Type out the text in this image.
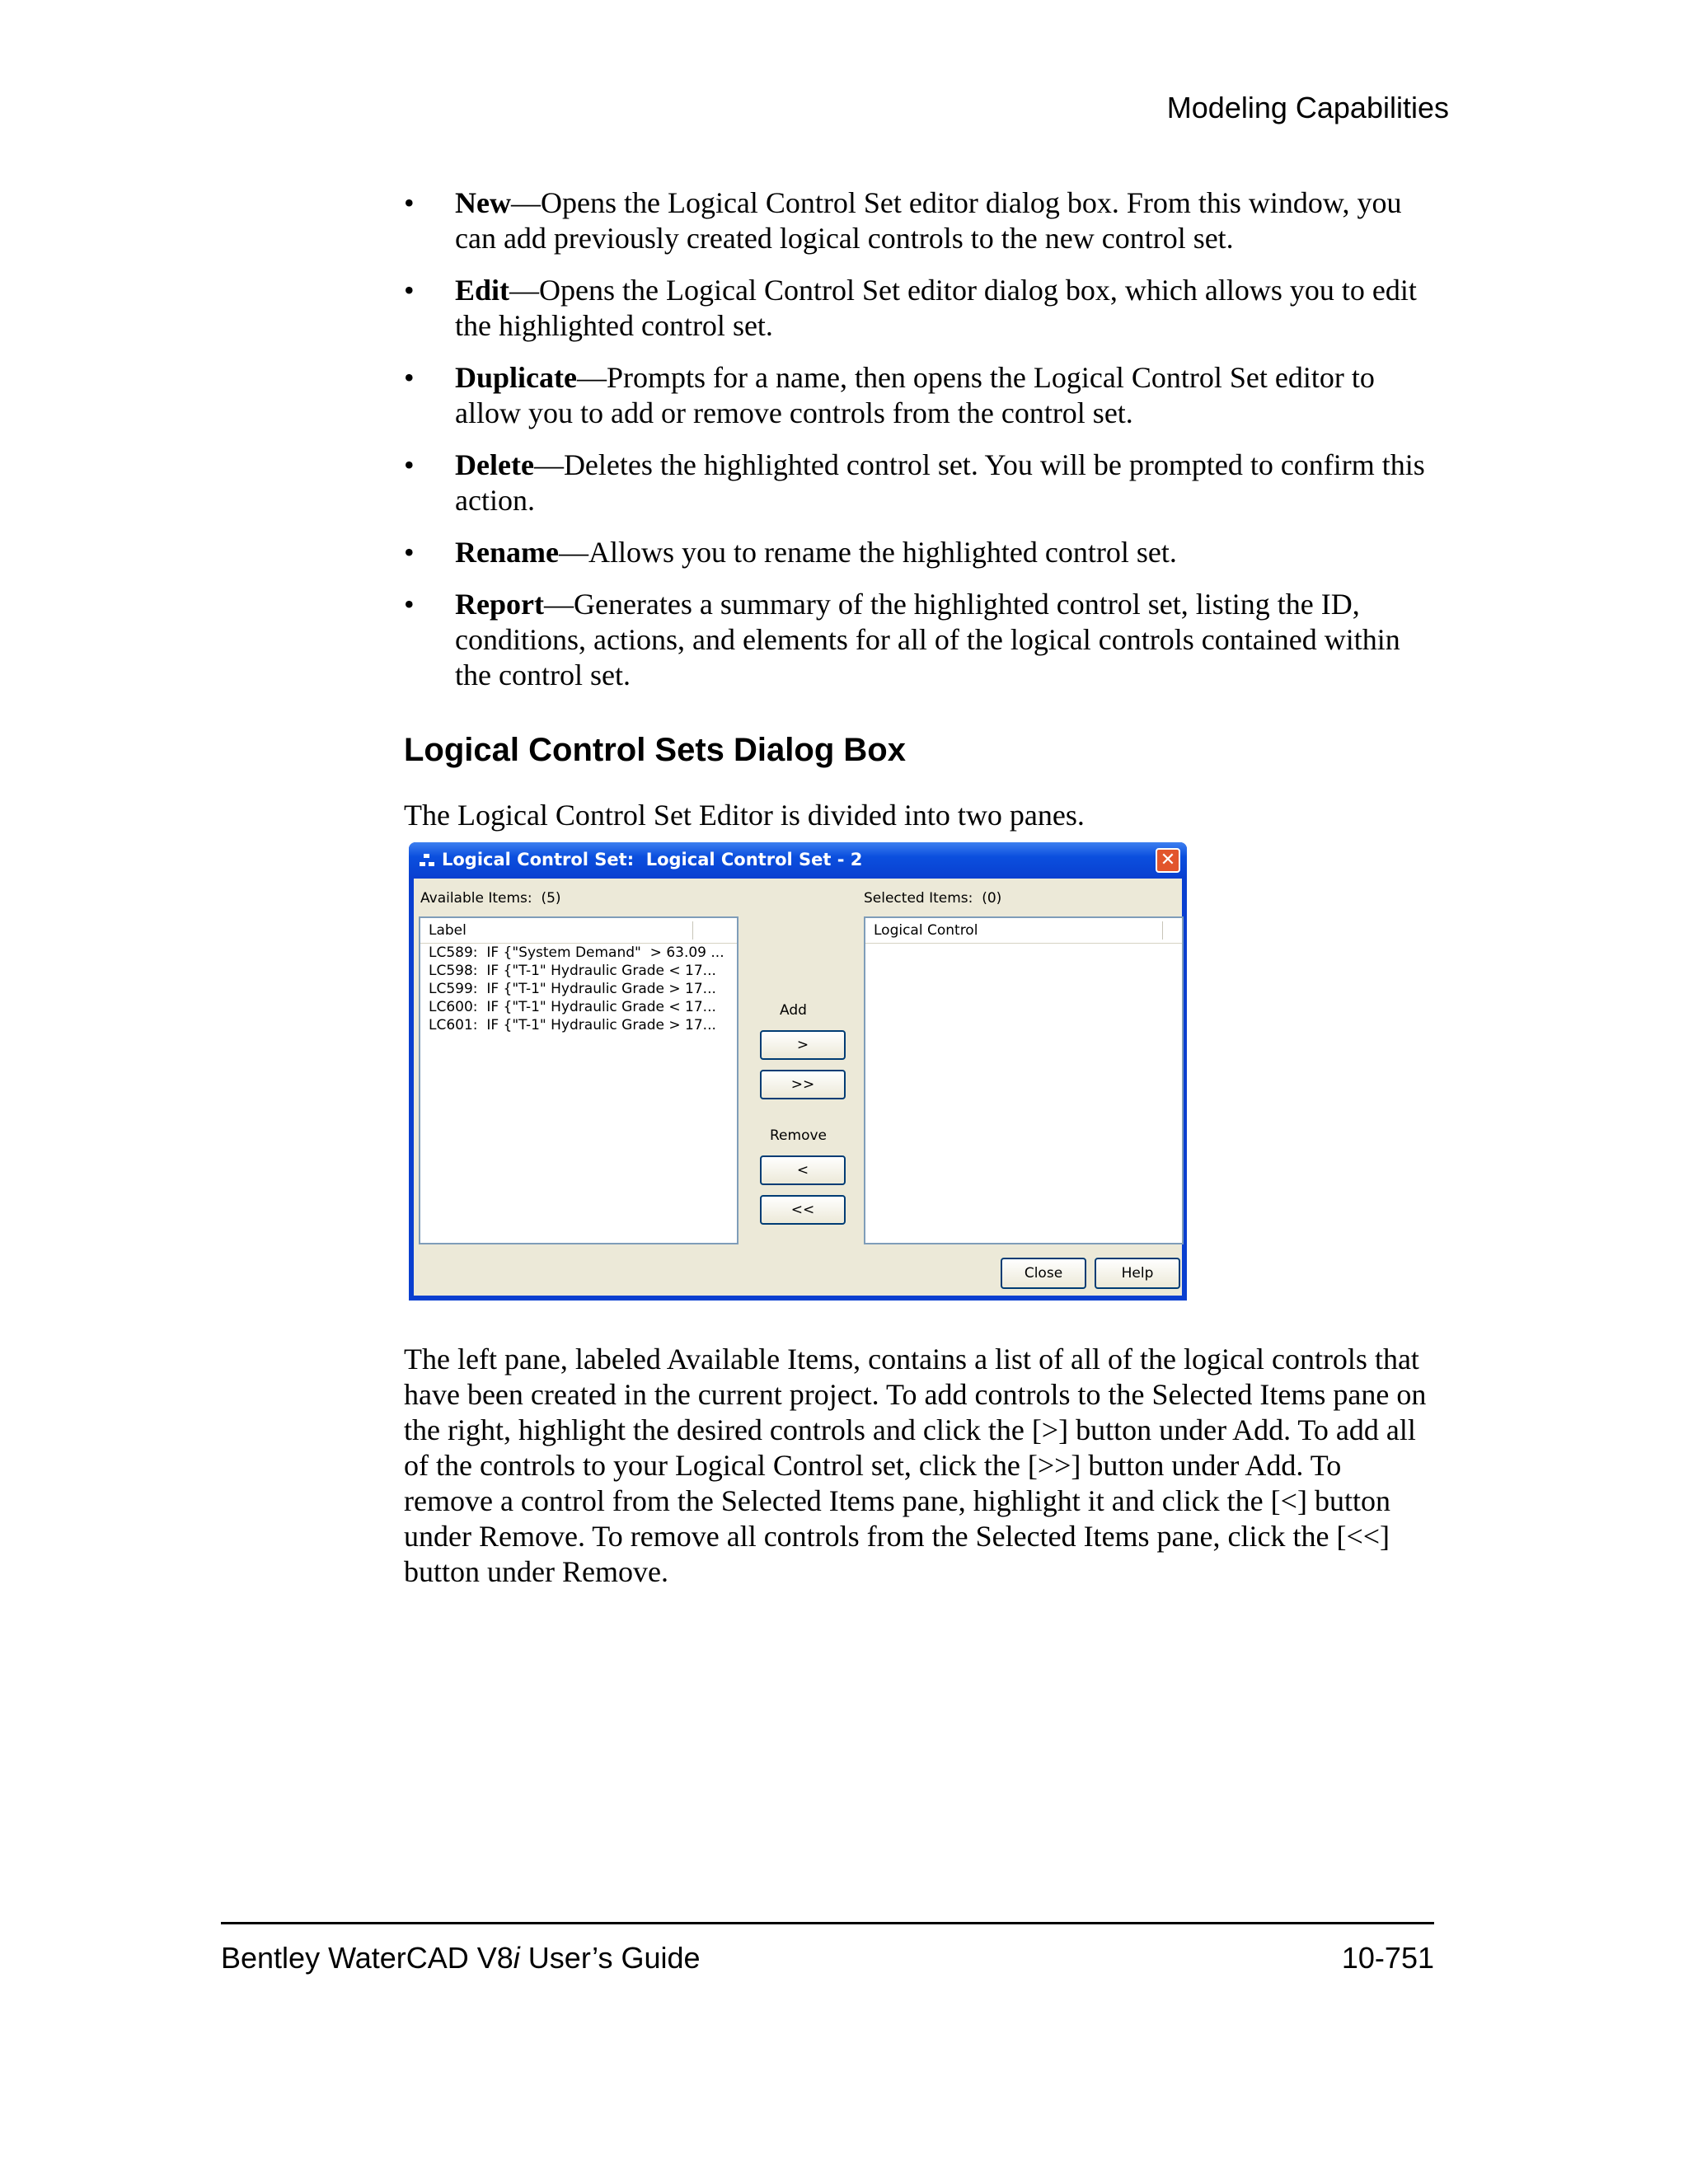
Modeling Capabilities
• New—Opens the Logical Control Set editor dialog box. From this window, you
can add previously created logical controls to the new control set.
• Edit—Opens the Logical Control Set editor dialog box, which allows you to edit
the highlighted control set.
• Duplicate—Prompts for a name, then opens the Logical Control Set editor to
allow you to add or remove controls from the control set.
• Delete—Deletes the highlighted control set. You will be prompted to confirm this
action.
• Rename—Allows you to rename the highlighted control set.
• Report—Generates a summary of the highlighted control set, listing the ID,
conditions, actions, and elements for all of the logical controls contained within
the control set.
Logical Control Sets Dialog Box

The Logical Control Set Editor is divided into two panes.

Logical Control Set:  Logical Control Set - 2	✕
Available Items:  (5)	Selected Items:  (0)
Label
LC589:  IF {"System Demand"  > 63.09 ...
LC598:  IF {"T-1" Hydraulic Grade < 17...
LC599:  IF {"T-1" Hydraulic Grade > 17...
LC600:  IF {"T-1" Hydraulic Grade < 17...
LC601:  IF {"T-1" Hydraulic Grade > 17...
Add
>
>>
Remove
<
<<
Logical Control
Close	Help

The left pane, labeled Available Items, contains a list of all of the logical controls that
have been created in the current project. To add controls to the Selected Items pane on
the right, highlight the desired controls and click the [>] button under Add. To add all
of the controls to your Logical Control set, click the [>>] button under Add. To
remove a control from the Selected Items pane, highlight it and click the [<] button
under Remove. To remove all controls from the Selected Items pane, click the [<<]
button under Remove.

Bentley WaterCAD V8i User’s Guide	10-751
